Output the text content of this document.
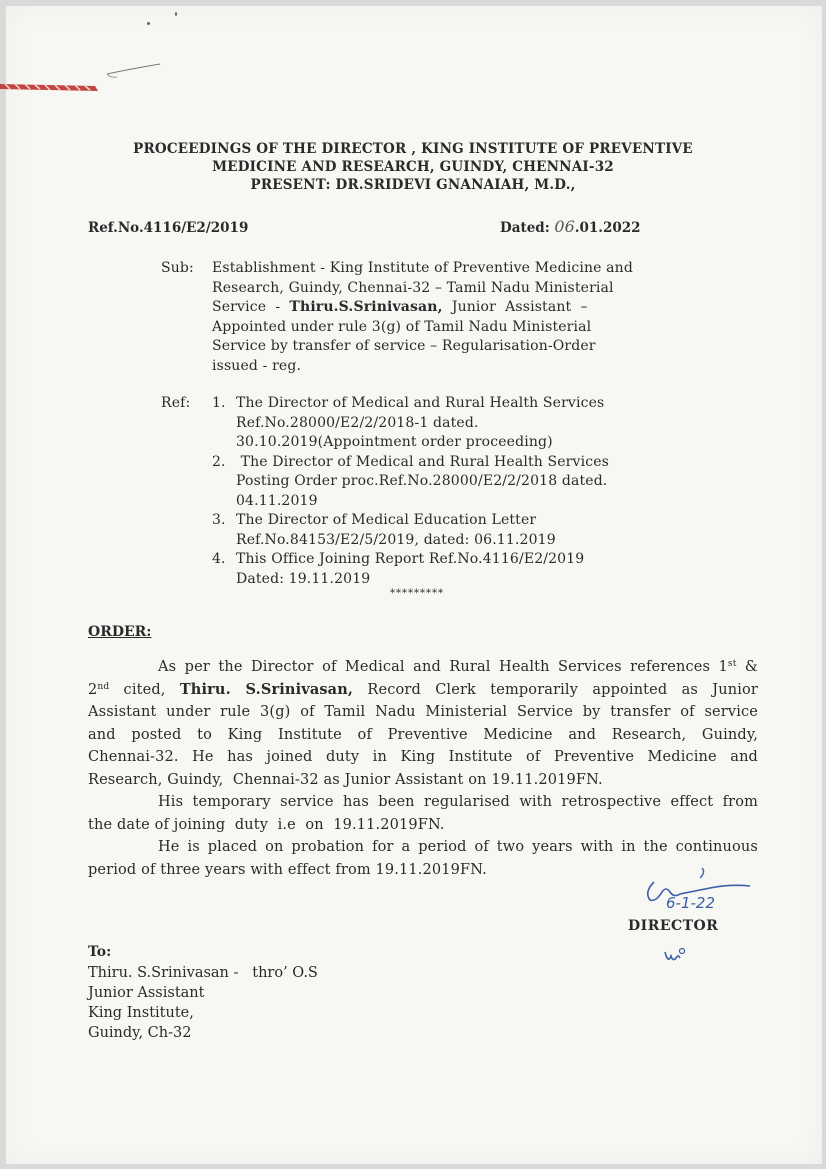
PROCEEDINGS OF THE DIRECTOR , KING INSTITUTE OF PREVENTIVE
MEDICINE AND RESEARCH, GUINDY, CHENNAI-32
PRESENT: DR.SRIDEVI GNANAIAH, M.D.,
Ref.No.4116/E2/2019	Dated: 06.01.2022
Sub: Establishment - King Institute of Preventive Medicine and
Research, Guindy, Chennai-32 – Tamil Nadu Ministerial
Service  -  Thiru.S.Srinivasan,  Junior  Assistant  –
Appointed under rule 3(g) of Tamil Nadu Ministerial
Service by transfer of service – Regularisation-Order
issued - reg.
Ref: 1. The Director of Medical and Rural Health Services
Ref.No.28000/E2/2/2018-1 dated.
30.10.2019(Appointment order proceeding)
2. The Director of Medical and Rural Health Services
Posting Order proc.Ref.No.28000/E2/2/2018 dated.
04.11.2019
3. The Director of Medical Education Letter
Ref.No.84153/E2/5/2019, dated: 06.11.2019
4. This Office Joining Report Ref.No.4116/E2/2019
Dated: 19.11.2019
*********
ORDER:

As per the Director of Medical and Rural Health Services references 1st &

2nd cited, Thiru. S.Srinivasan, Record Clerk temporarily appointed as Junior

Assistant under rule 3(g) of Tamil Nadu Ministerial Service by transfer of service

and posted to King Institute of Preventive Medicine and Research, Guindy,

Chennai-32. He has joined duty in King Institute of Preventive Medicine and

Research, Guindy,  Chennai-32 as Junior Assistant on 19.11.2019FN.

His temporary service has been regularised with retrospective effect from

the date of joining  duty  i.e  on  19.11.2019FN.

He is placed on probation for a period of two years with in the continuous

period of three years with effect from 19.11.2019FN.

6-1-22
DIRECTOR
To:
Thiru. S.Srinivasan -   thro’ O.S
Junior Assistant
King Institute,
Guindy, Ch-32
